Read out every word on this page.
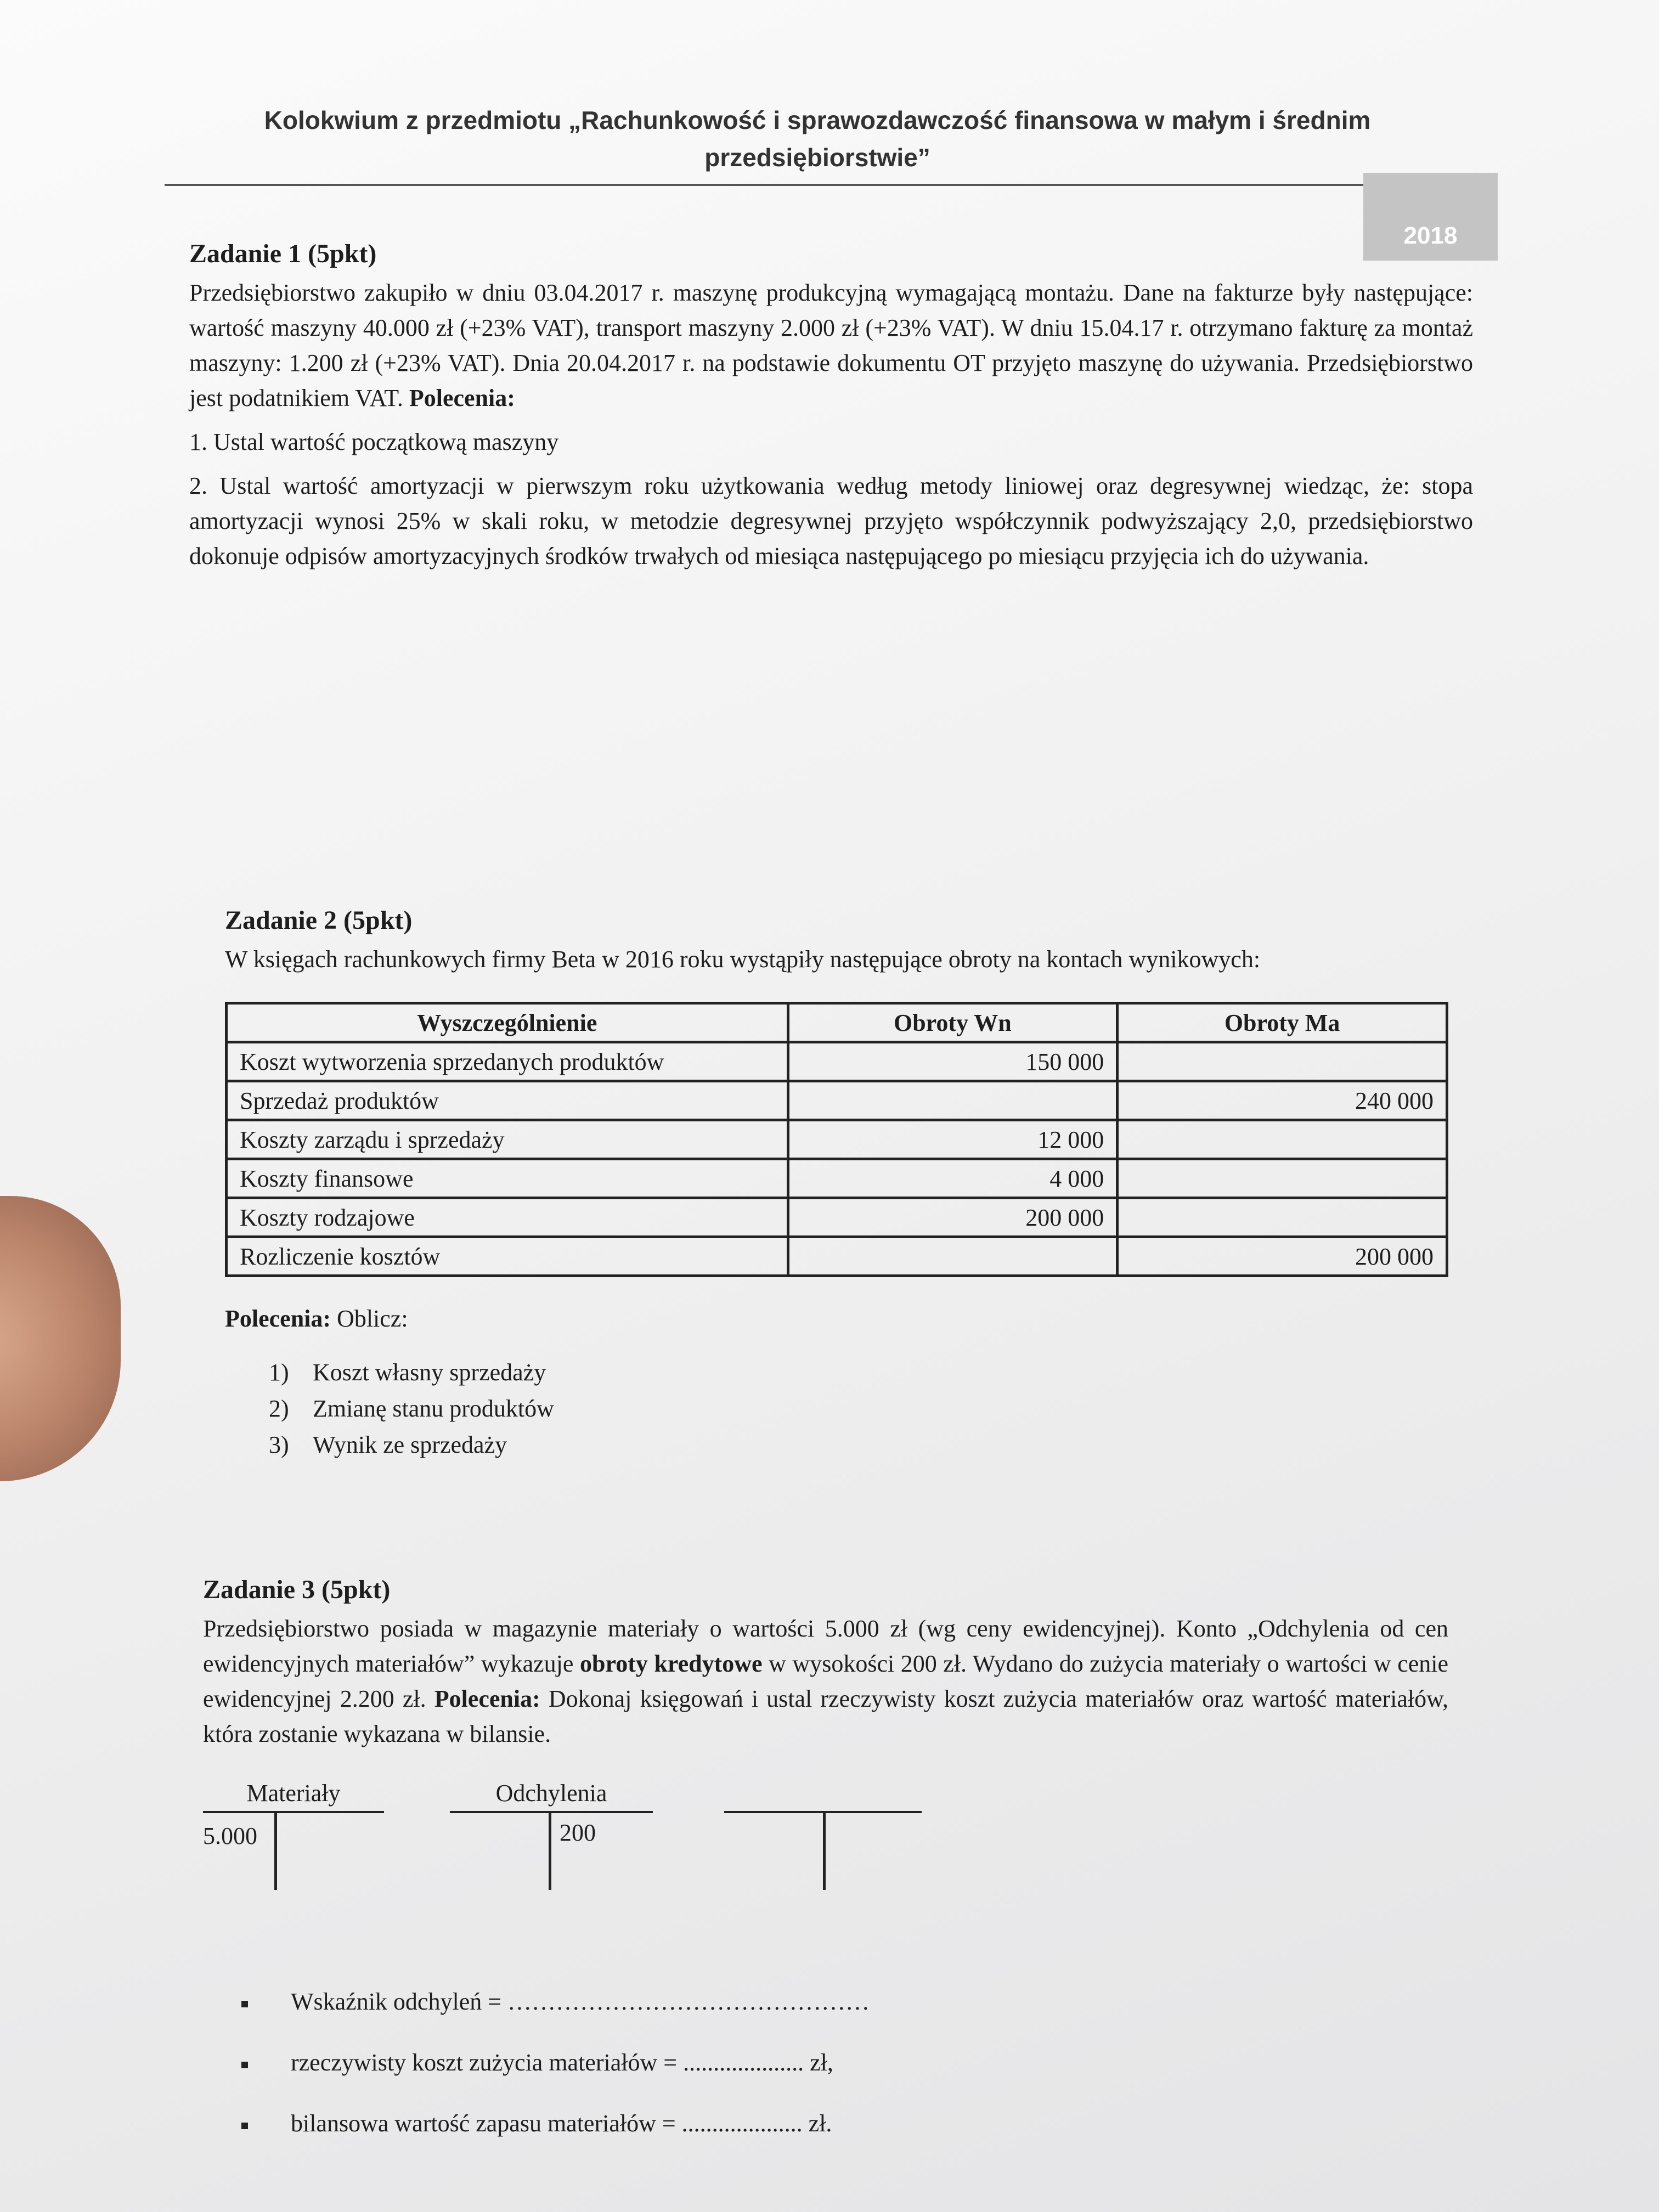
Kolokwium z przedmiotu „Rachunkowość i sprawozdawczość finansowa w małym i średnim przedsiębiorstwie”
2018
Zadanie 1 (5pkt)
Przedsiębiorstwo zakupiło w dniu 03.04.2017 r. maszynę produkcyjną wymagającą montażu. Dane na fakturze były następujące: wartość maszyny 40.000 zł (+23% VAT), transport maszyny 2.000 zł (+23% VAT). W dniu 15.04.17 r. otrzymano fakturę za montaż maszyny: 1.200 zł (+23% VAT). Dnia 20.04.2017 r. na podstawie dokumentu OT przyjęto maszynę do używania. Przedsiębiorstwo jest podatnikiem VAT. Polecenia:
1. Ustal wartość początkową maszyny
2. Ustal wartość amortyzacji w pierwszym roku użytkowania według metody liniowej oraz degresywnej wiedząc, że: stopa amortyzacji wynosi 25% w skali roku, w metodzie degresywnej przyjęto współczynnik podwyższający 2,0, przedsiębiorstwo dokonuje odpisów amortyzacyjnych środków trwałych od miesiąca następującego po miesiącu przyjęcia ich do używania.
Zadanie 2 (5pkt)
W księgach rachunkowych firmy Beta w 2016 roku wystąpiły następujące obroty na kontach wynikowych:
Wyszczególnienie	Obroty Wn	Obroty Ma
Koszt wytworzenia sprzedanych produktów	150 000	
Sprzedaż produktów		240 000
Koszty zarządu i sprzedaży	12 000	
Koszty finansowe	4 000	
Koszty rodzajowe	200 000	
Rozliczenie kosztów		200 000
Polecenia: Oblicz:
1) Koszt własny sprzedaży
2) Zmianę stanu produktów
3) Wynik ze sprzedaży
Zadanie 3 (5pkt)
Przedsiębiorstwo posiada w magazynie materiały o wartości 5.000 zł (wg ceny ewidencyjnej). Konto „Odchylenia od cen ewidencyjnych materiałów” wykazuje obroty kredytowe w wysokości 200 zł. Wydano do zużycia materiały o wartości w cenie ewidencyjnej 2.200 zł. Polecenia: Dokonaj księgowań i ustal rzeczywisty koszt zużycia materiałów oraz wartość materiałów, która zostanie wykazana w bilansie.
Materiały
5.000
Odchylenia
200
Wskaźnik odchyleń = ………………………………………
rzeczywisty koszt zużycia materiałów = .................... zł,
bilansowa wartość zapasu materiałów = .................... zł.
